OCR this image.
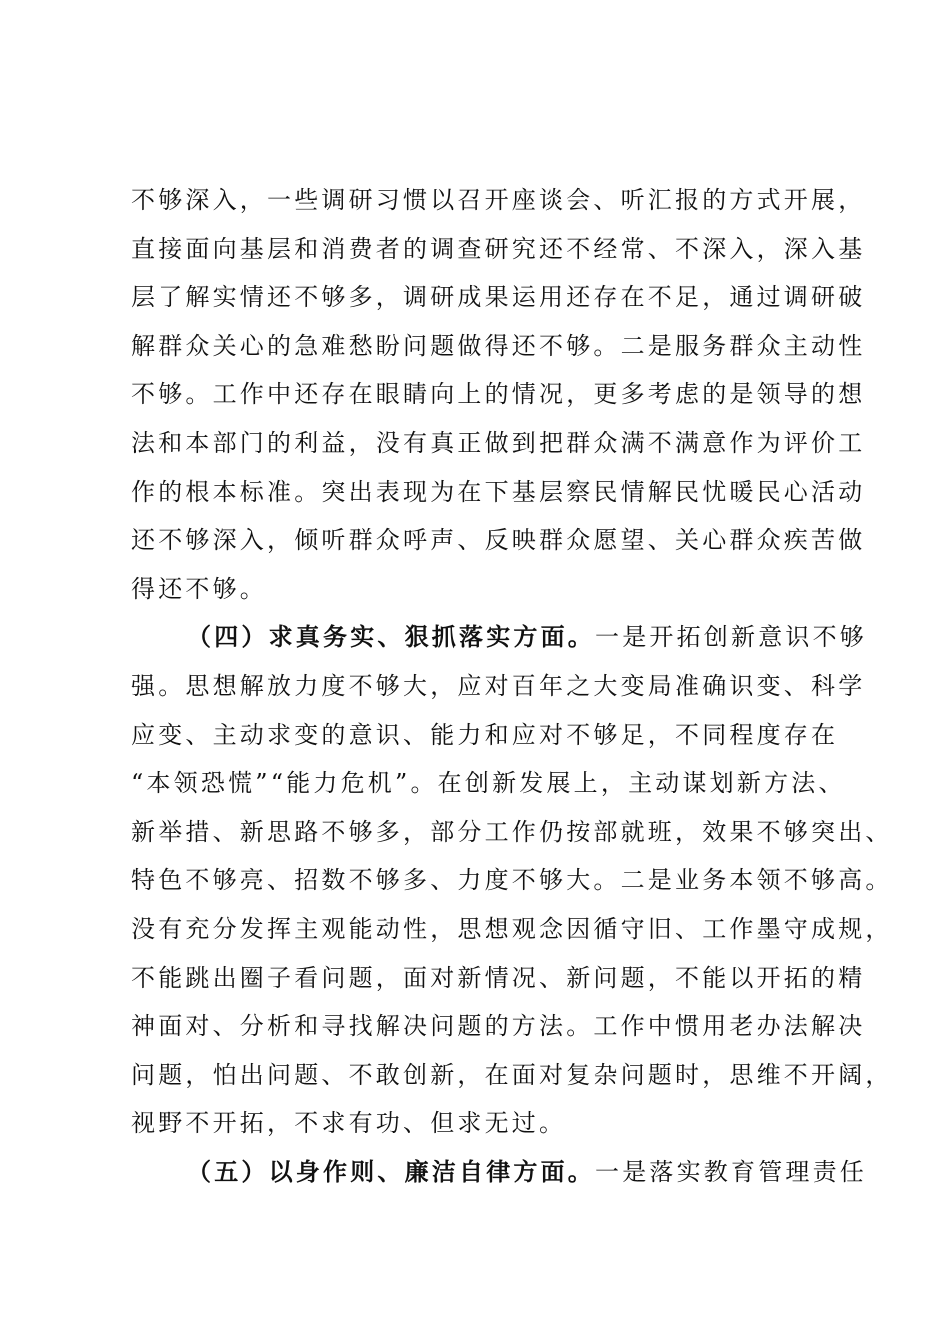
不够深入，一些调研习惯以召开座谈会、听汇报的方式开展，
直接面向基层和消费者的调查研究还不经常、不深入，深入基
层了解实情还不够多，调研成果运用还存在不足，通过调研破
解群众关心的急难愁盼问题做得还不够。二是服务群众主动性
不够。工作中还存在眼睛向上的情况，更多考虑的是领导的想
法和本部门的利益，没有真正做到把群众满不满意作为评价工
作的根本标准。突出表现为在下基层察民情解民忧暖民心活动
还不够深入，倾听群众呼声、反映群众愿望、关心群众疾苦做
得还不够。
（四）求真务实、狠抓落实方面。一是开拓创新意识不够
强。思想解放力度不够大，应对百年之大变局准确识变、科学
应变、主动求变的意识、能力和应对不够足，不同程度存在
“本领恐慌”“能力危机”。在创新发展上，主动谋划新方法、
新举措、新思路不够多，部分工作仍按部就班，效果不够突出、
特色不够亮、招数不够多、力度不够大。二是业务本领不够高。
没有充分发挥主观能动性，思想观念因循守旧、工作墨守成规，
不能跳出圈子看问题，面对新情况、新问题，不能以开拓的精
神面对、分析和寻找解决问题的方法。工作中惯用老办法解决
问题，怕出问题、不敢创新，在面对复杂问题时，思维不开阔，
视野不开拓，不求有功、但求无过。
（五）以身作则、廉洁自律方面。一是落实教育管理责任
